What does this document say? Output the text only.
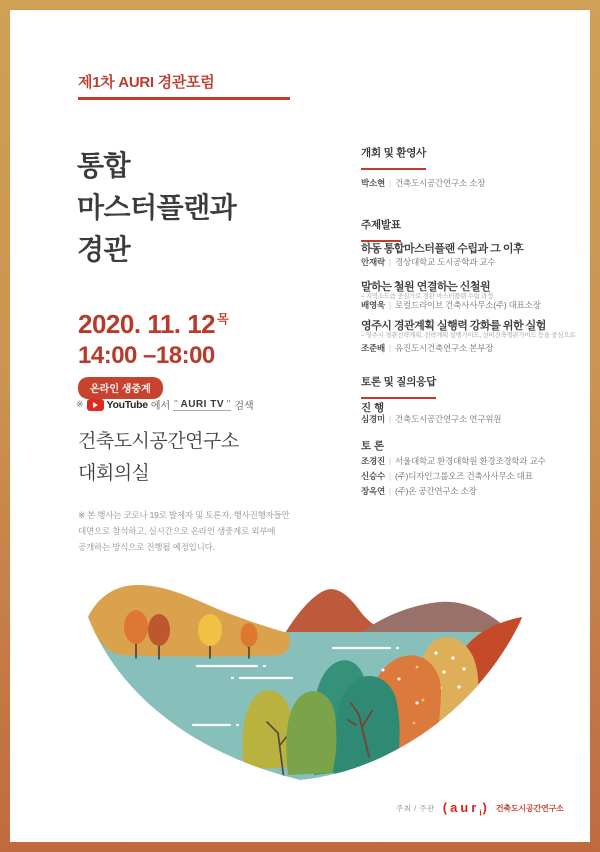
제1차 AURI 경관포럼
통합
마스터플랜과
경관
2020. 11. 12 $^목$
14:00 –18:00
온라인 생중계
※ YouTube 에서 " AURI TV " 검색
건축도시공간연구소
대회의실
※ 본 행사는 코로나 19로 발제자 및 토론자, 행사진행자들만
대면으로 참석하고, 실시간으로 온라인 생중계로 외부에
공개하는 방식으로 진행될 예정입니다.
개회 및 환영사
박소현 | 건축도시공간연구소 소장
주제발표
하동 통합마스터플랜 수립과 그 이후
안재락 | 경상대학교 도시공학과 교수
말하는 철원 연결하는 신철원
– 지역소도읍 중심가로 경관 마스터플랜 수립 과정
배영욱 | 로컬드라이브 건축사사무소(주) 대표소장
영주시 경관계획 실행력 강화를 위한 실험
– 영주시 경관전략계획, 전략계획 실행가이드, 선비건축경관가이드 등을 중심으로
조준배 | 유진도시건축연구소 본부장
토론 및 질의응답
진 행
심경미 | 건축도시공간연구소 연구위원
토 론
조경진 | 서울대학교 환경대학원 환경조경학과 교수
신승수 | (주)디자인그룹오즈 건축사사무소 대표
장옥연 | (주)온 공간연구소 소장
주최 / 주관 ( aur$_i$) 건축도시공간연구소
